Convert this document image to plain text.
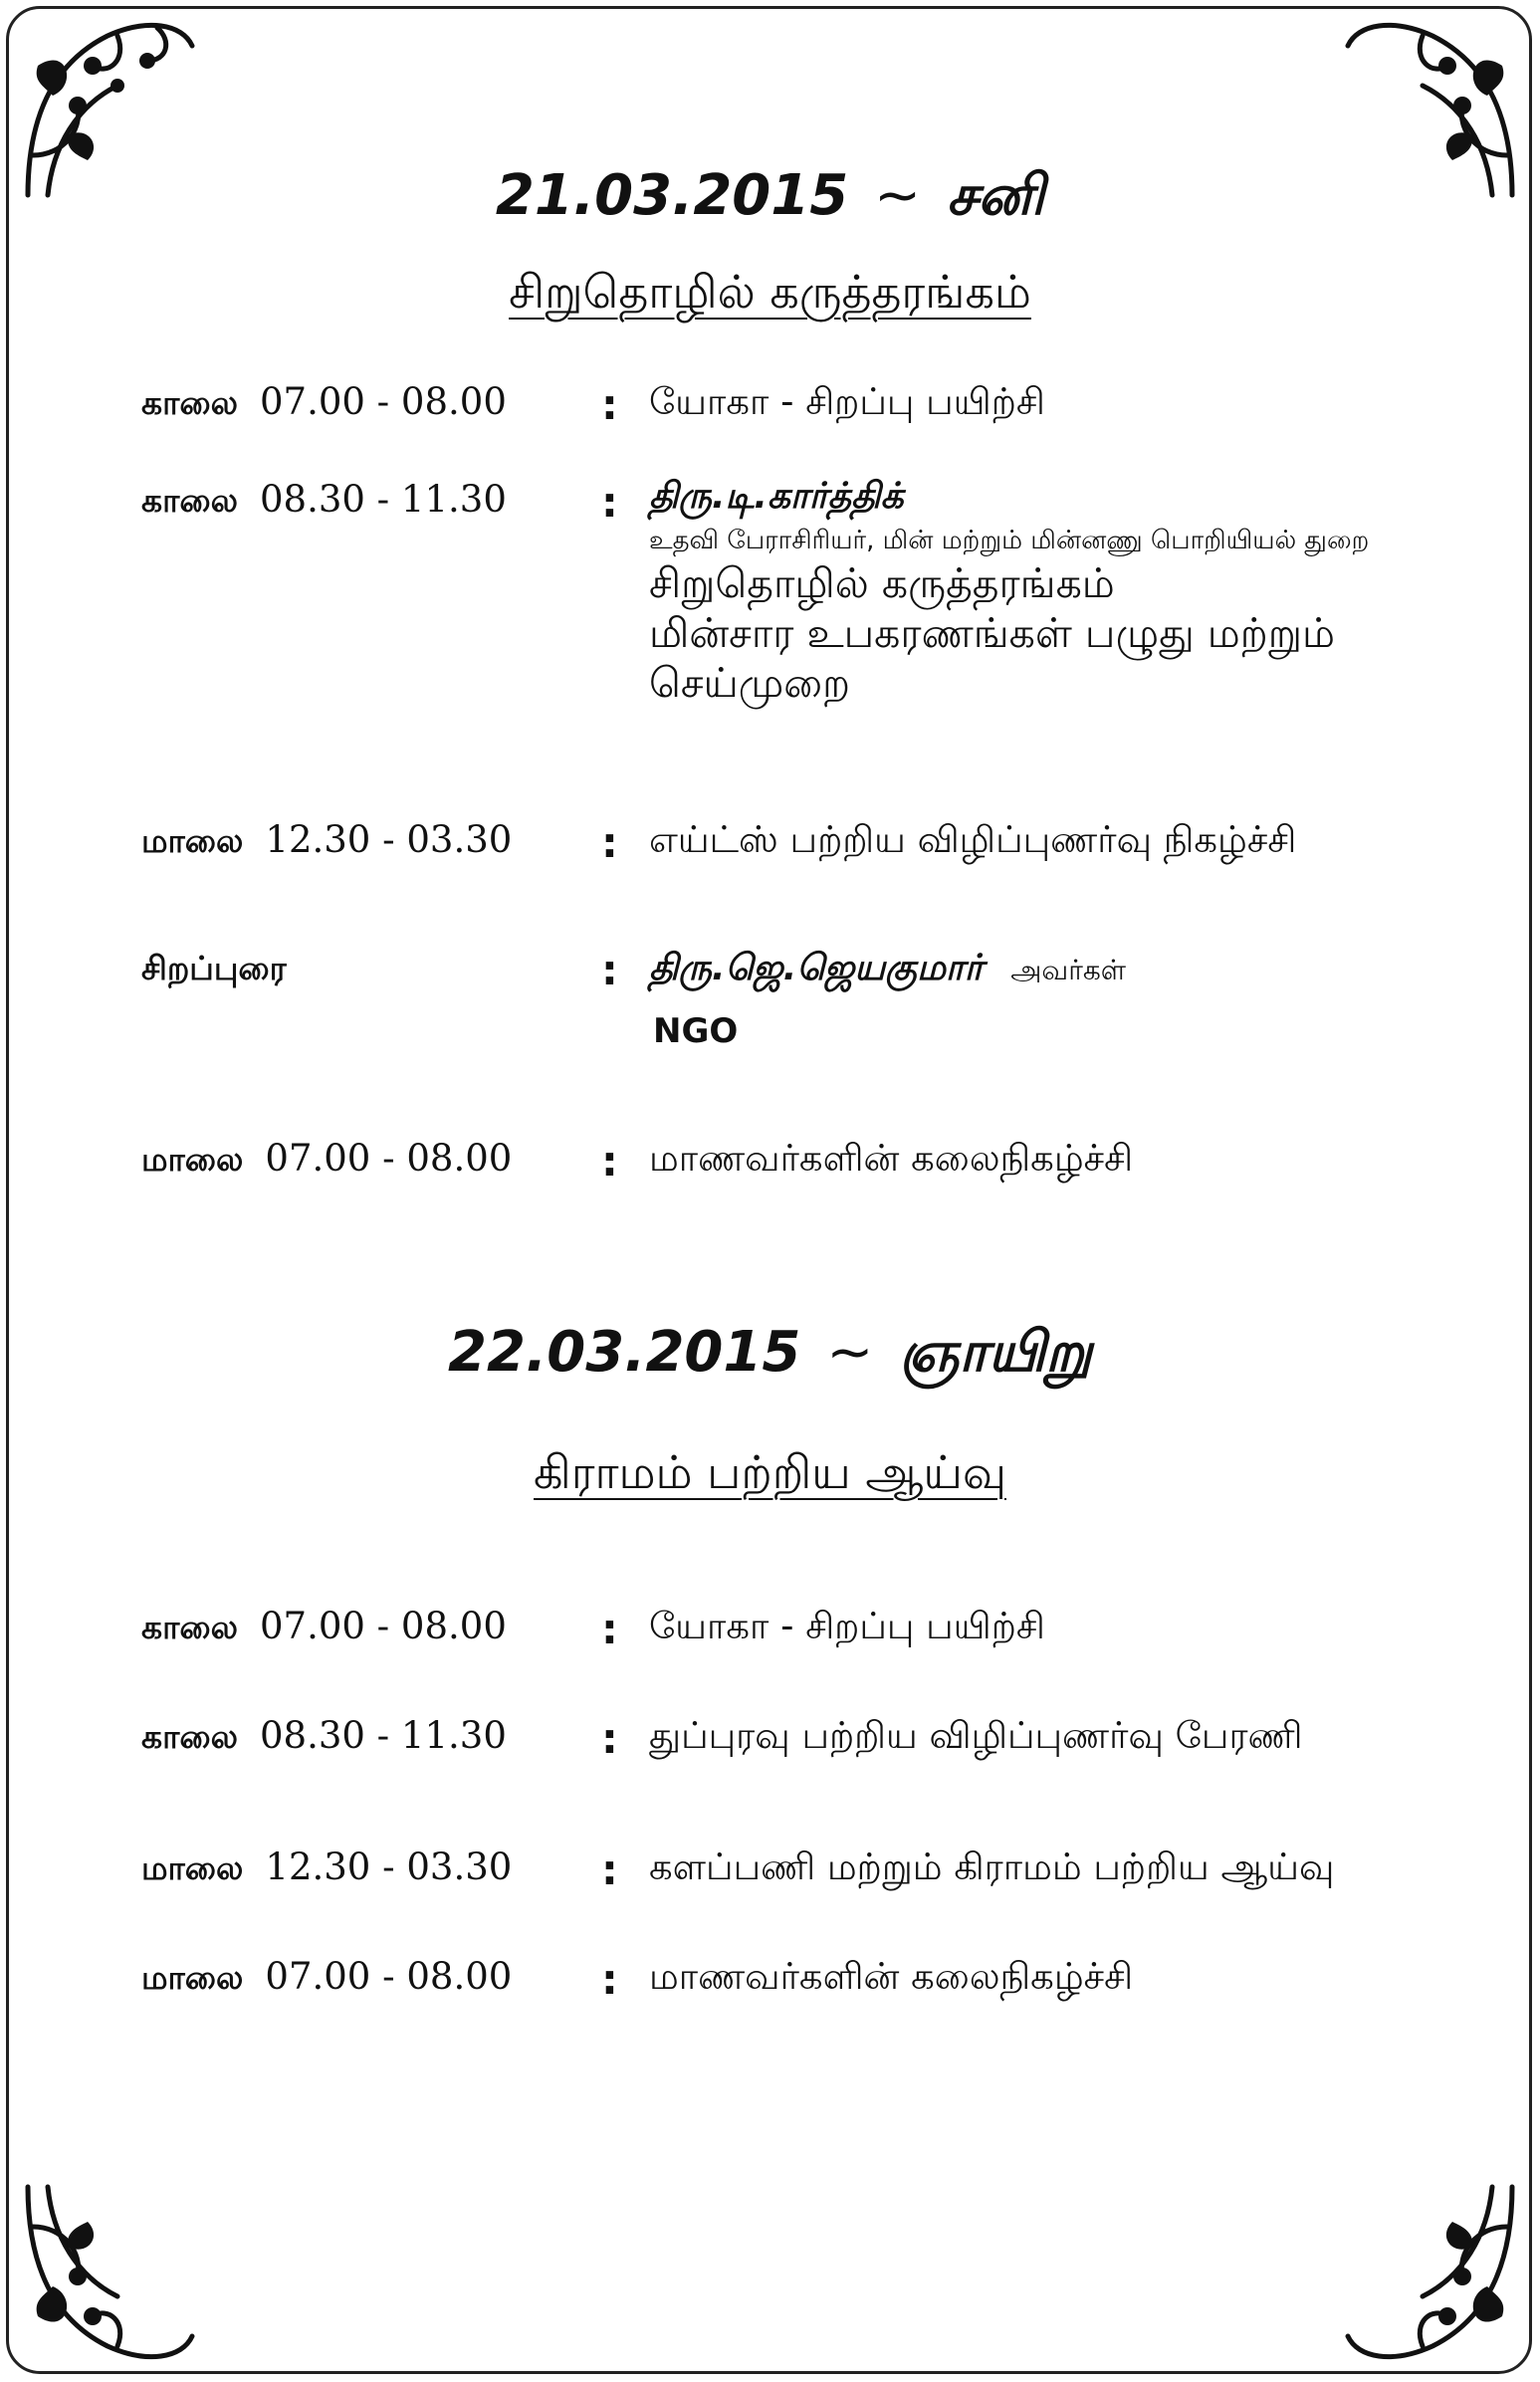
21.03.2015 ~ சனி
சிறுதொழில் கருத்தரங்கம்
காலை 07.00 - 08.00 : யோகா - சிறப்பு பயிற்சி
காலை 08.30 - 11.30 : திரு.டி.கார்த்திக்
உதவி பேராசிரியர், மின் மற்றும் மின்னணு பொறியியல் துறை
சிறுதொழில் கருத்தரங்கம்
மின்சார உபகரணங்கள் பழுது மற்றும்
செய்முறை
மாலை 12.30 - 03.30 : எய்ட்ஸ் பற்றிய விழிப்புணர்வு நிகழ்ச்சி
சிறப்புரை	: திரு.ஜெ.ஜெயகுமார் அவர்கள்
NGO
மாலை 07.00 - 08.00 : மாணவர்களின் கலைநிகழ்ச்சி
22.03.2015 ~ ஞாயிறு
கிராமம் பற்றிய ஆய்வு
காலை 07.00 - 08.00 : யோகா - சிறப்பு பயிற்சி
காலை 08.30 - 11.30 : துப்புரவு பற்றிய விழிப்புணர்வு பேரணி
மாலை 12.30 - 03.30 : களப்பணி மற்றும் கிராமம் பற்றிய ஆய்வு
மாலை 07.00 - 08.00 : மாணவர்களின் கலைநிகழ்ச்சி
